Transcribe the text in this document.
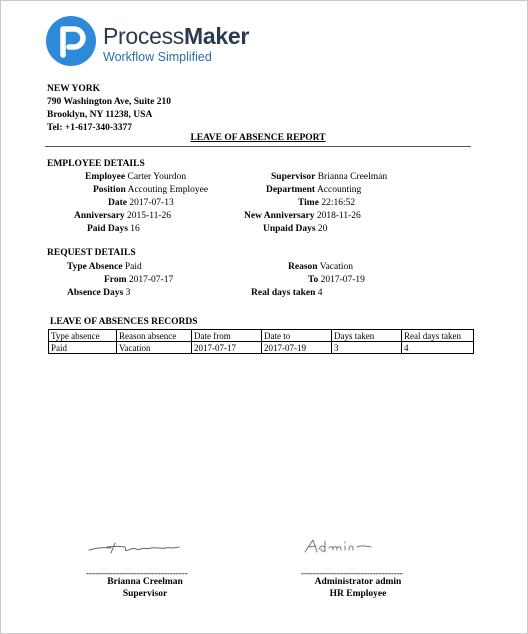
ProcessMaker
Workflow Simplified
NEW YORK
790 Washington Ave, Suite 210
Brooklyn, NY 11238, USA
Tel: +1-617-340-3377
LEAVE OF ABSENCE REPORT
EMPLOYEE DETAILS
Employee Carter Yourdon	Supervisor Brianna Creelman
Position Accouting Employee	Department Accounting
Date 2017-07-13	Time 22:16:52
Anniversary 2015-11-26	New Anniversary 2018-11-26
Paid Days 16	Unpaid Days 20
REQUEST DETAILS
Type Absence Paid	Reason Vacation
From 2017-07-17	To 2017-07-19
Absence Days 3	Real days taken 4
LEAVE OF ABSENCES RECORDS
Type absence	Reason absence	Date from	Date to	Days taken	Real days taken
Paid	Vacation	2017-07-17	2017-07-19	3	4
----------------------------------	----------------------------------
Brianna Creelman
Supervisor
Administrator admin
HR Employee
